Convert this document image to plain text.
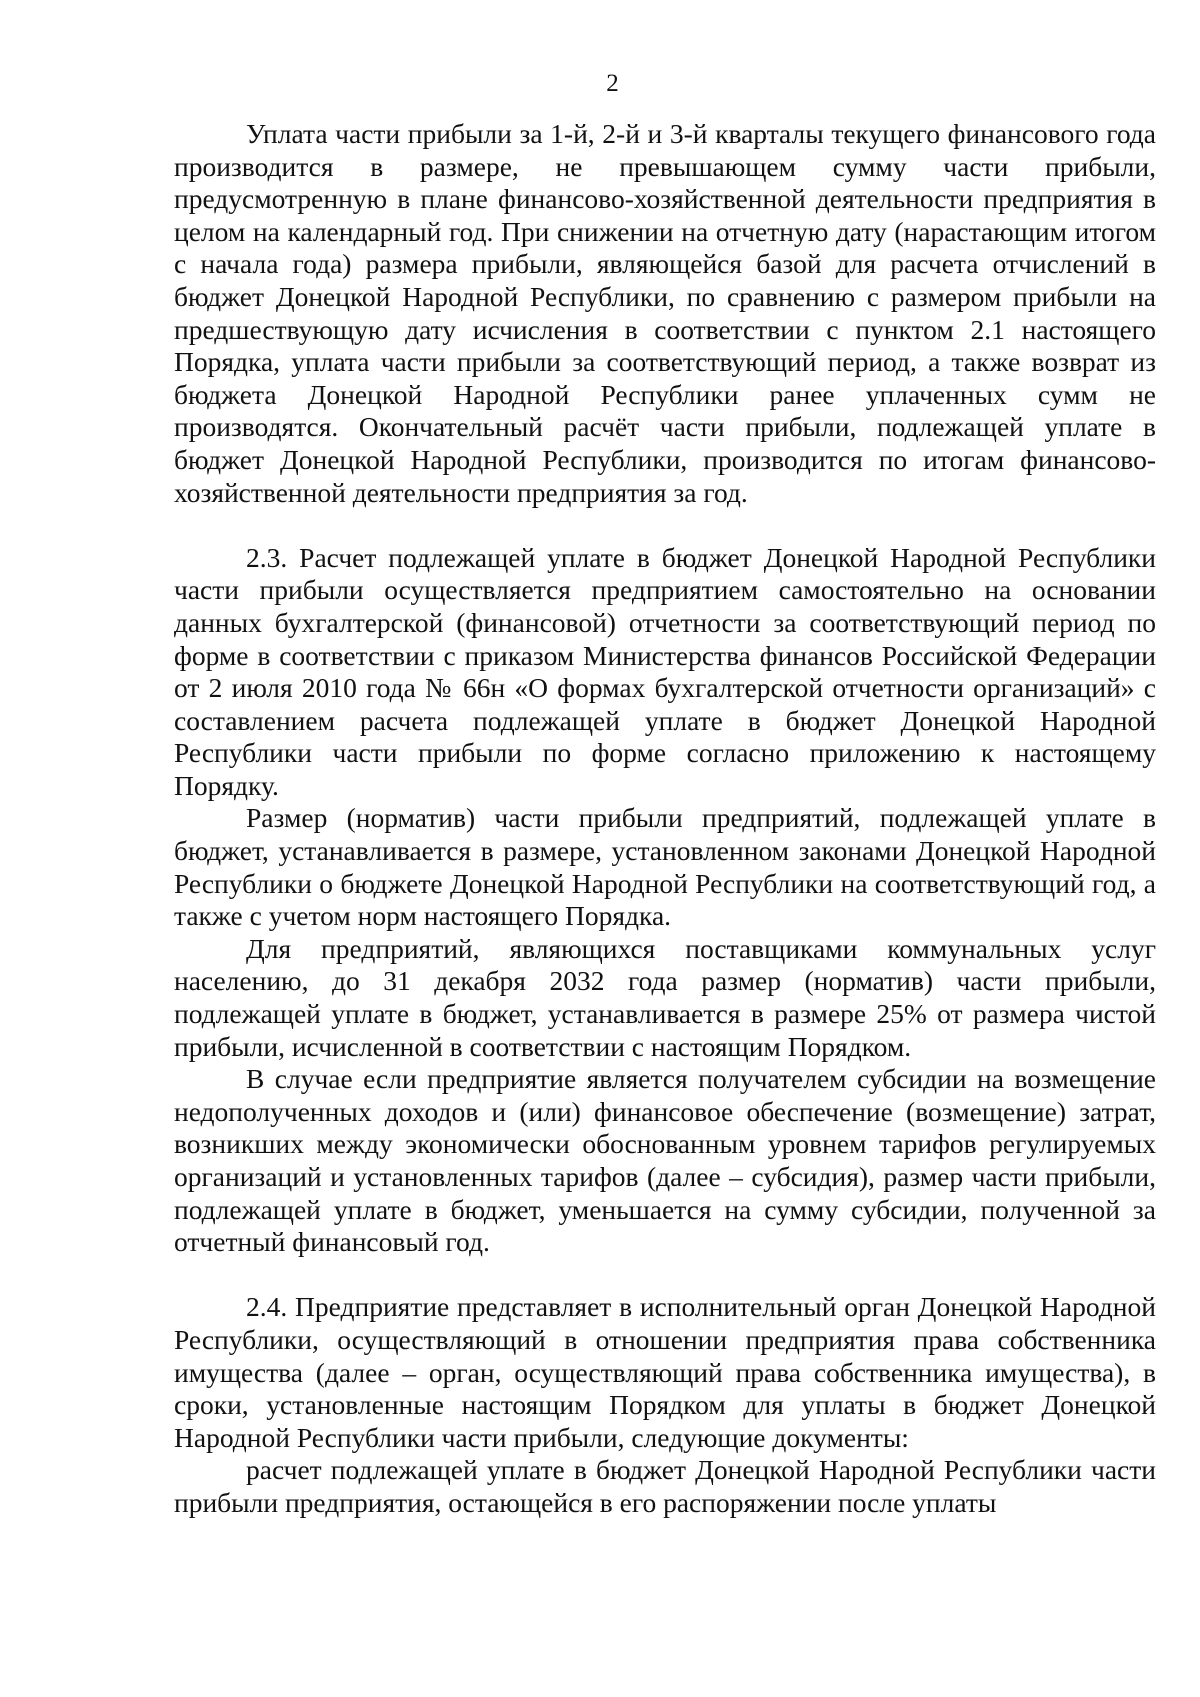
2

Уплата части прибыли за 1-й, 2-й и 3-й кварталы текущего финансового года производится в размере, не превышающем сумму части прибыли, предусмотренную в плане финансово-хозяйственной деятельности предприятия в целом на календарный год. При снижении на отчетную дату (нарастающим итогом с начала года) размера прибыли, являющейся базой для расчета отчислений в бюджет Донецкой Народной Республики, по сравнению с размером прибыли на предшествующую дату исчисления в соответствии с пунктом 2.1 настоящего Порядка, уплата части прибыли за соответствующий период, а также возврат из бюджета Донецкой Народной Республики ранее уплаченных сумм не производятся. Окончательный расчёт части прибыли, подлежащей уплате в бюджет Донецкой Народной Республики, производится по итогам финансово-хозяйственной деятельности предприятия за год.

2.3. Расчет подлежащей уплате в бюджет Донецкой Народной Республики части прибыли осуществляется предприятием самостоятельно на основании данных бухгалтерской (финансовой) отчетности за соответствующий период по форме в соответствии с приказом Министерства финансов Российской Федерации от 2 июля 2010 года № 66н «О формах бухгалтерской отчетности организаций» с составлением расчета подлежащей уплате в бюджет Донецкой Народной Республики части прибыли по форме согласно приложению к настоящему Порядку.

Размер (норматив) части прибыли предприятий, подлежащей уплате в бюджет, устанавливается в размере, установленном законами Донецкой Народной Республики о бюджете Донецкой Народной Республики на соответствующий год, а также с учетом норм настоящего Порядка.

Для предприятий, являющихся поставщиками коммунальных услуг населению, до 31 декабря 2032 года размер (норматив) части прибыли, подлежащей уплате в бюджет, устанавливается в размере 25% от размера чистой прибыли, исчисленной в соответствии с настоящим Порядком.

В случае если предприятие является получателем субсидии на возмещение недополученных доходов и (или) финансовое обеспечение (возмещение) затрат, возникших между экономически обоснованным уровнем тарифов регулируемых организаций и установленных тарифов (далее – субсидия), размер части прибыли, подлежащей уплате в бюджет, уменьшается на сумму субсидии, полученной за отчетный финансовый год.

2.4. Предприятие представляет в исполнительный орган Донецкой Народной Республики, осуществляющий в отношении предприятия права собственника имущества (далее – орган, осуществляющий права собственника имущества), в сроки, установленные настоящим Порядком для уплаты в бюджет Донецкой Народной Республики части прибыли, следующие документы:

расчет подлежащей уплате в бюджет Донецкой Народной Республики части прибыли предприятия, остающейся в его распоряжении после уплаты
